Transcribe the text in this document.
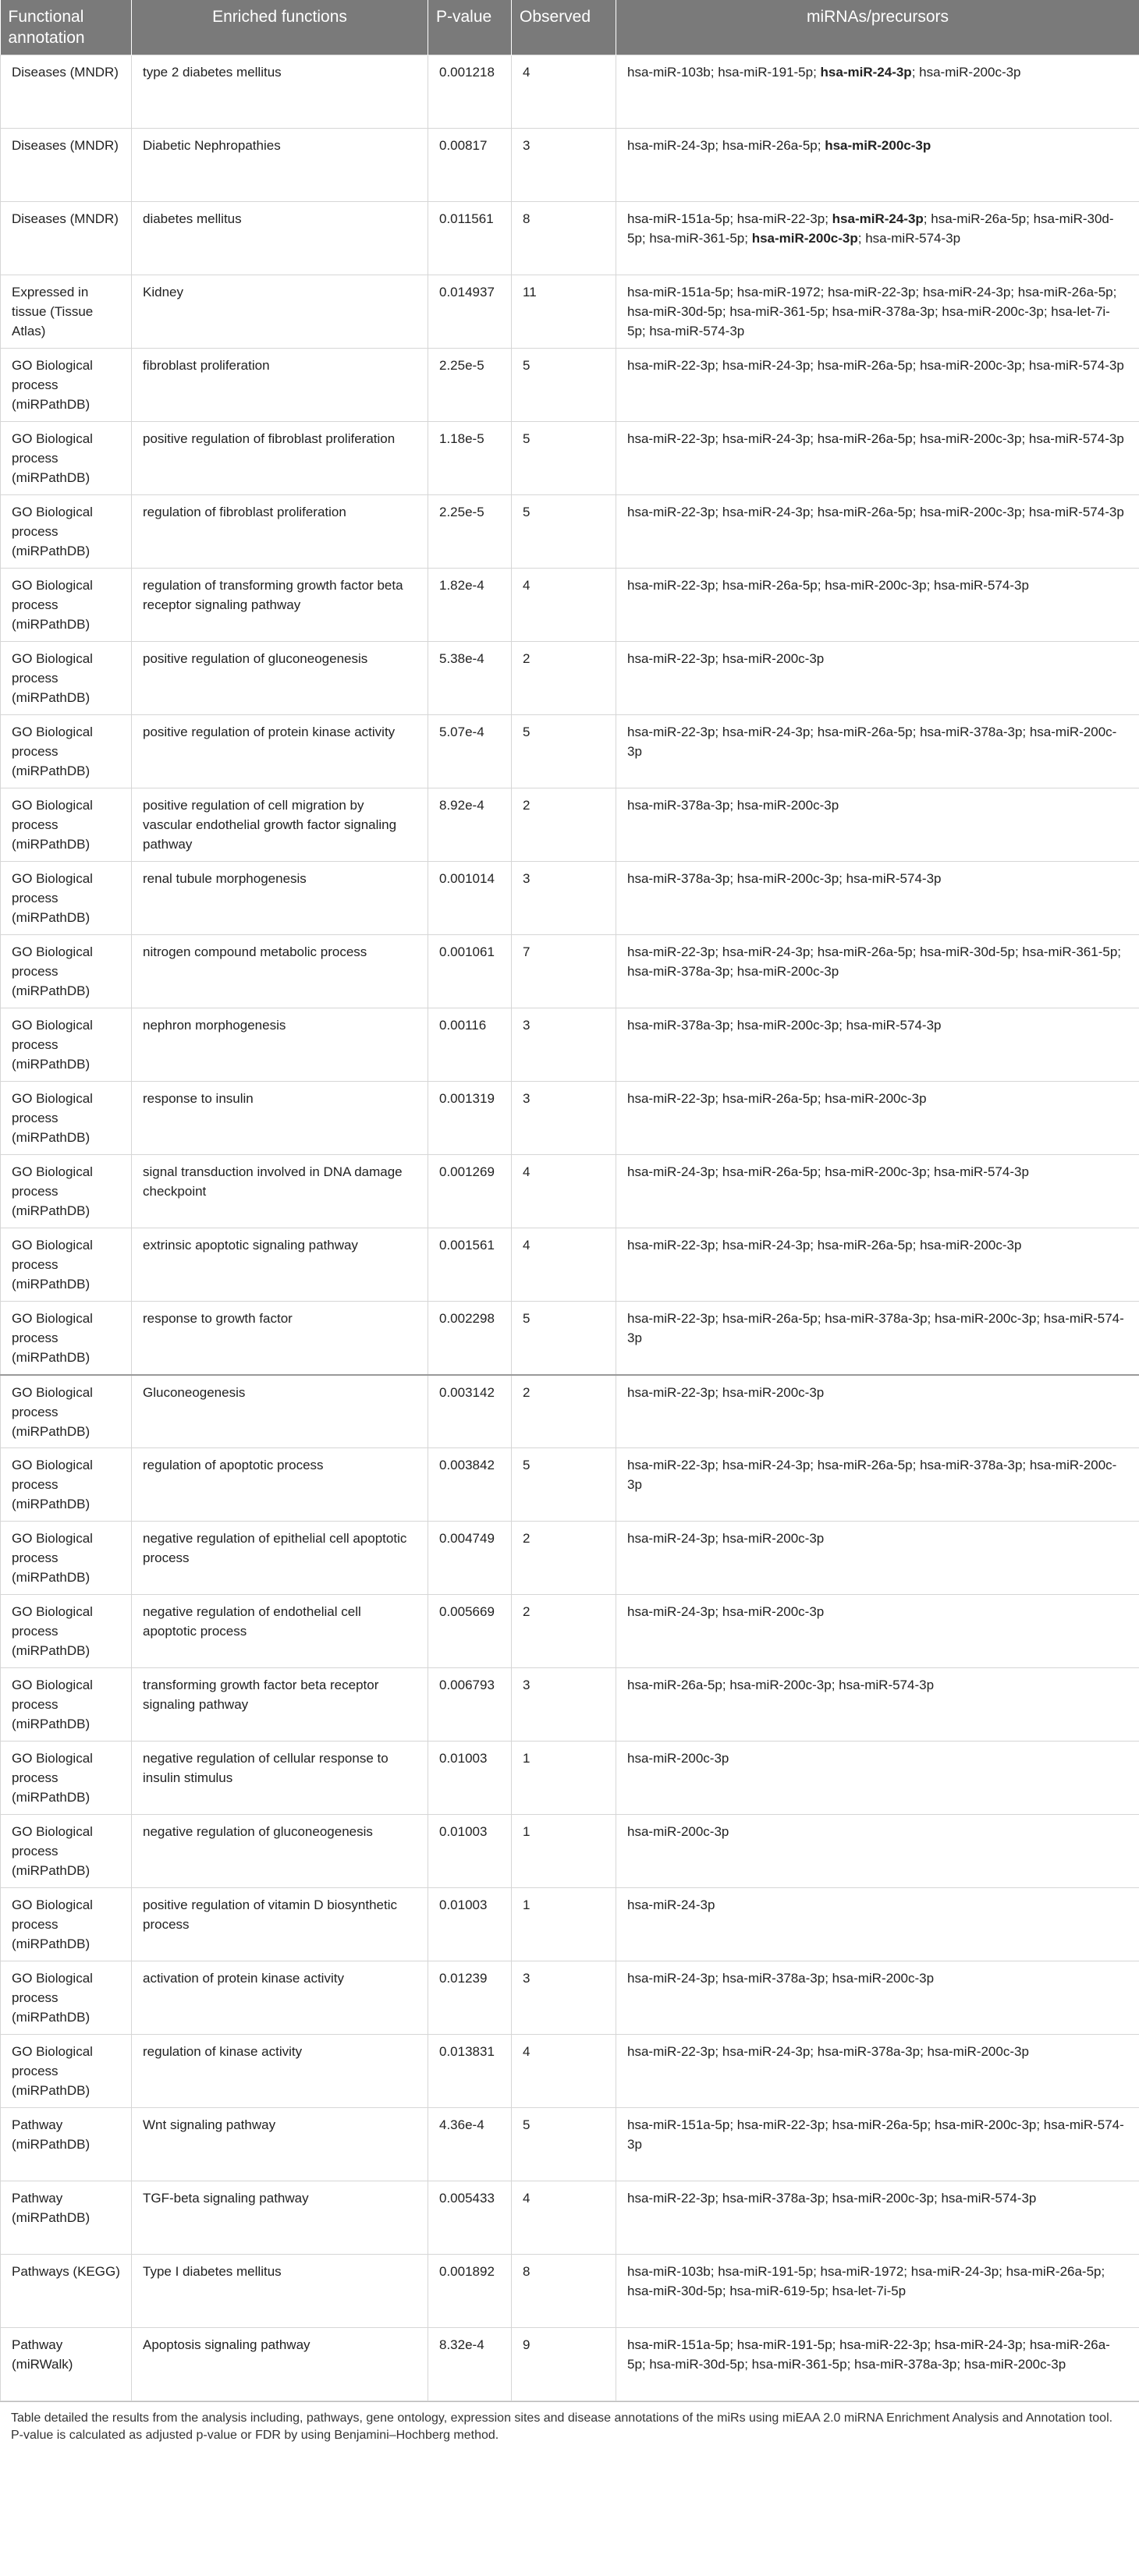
Functional annotation	Enriched functions	P-value	Observed	miRNAs/precursors
Diseases (MNDR)	type 2 diabetes mellitus	0.001218	4	hsa-miR-103b; hsa-miR-191-5p; hsa-miR-24-3p; hsa-miR-200c-3p
Diseases (MNDR)	Diabetic Nephropathies	0.00817	3	hsa-miR-24-3p; hsa-miR-26a-5p; hsa-miR-200c-3p
Diseases (MNDR)	diabetes mellitus	0.011561	8	hsa-miR-151a-5p; hsa-miR-22-3p; hsa-miR-24-3p; hsa-miR-26a-5p; hsa-miR-30d-5p; hsa-miR-361-5p; hsa-miR-200c-3p; hsa-miR-574-3p
Expressed in tissue (Tissue Atlas)	Kidney	0.014937	11	hsa-miR-151a-5p; hsa-miR-1972; hsa-miR-22-3p; hsa-miR-24-3p; hsa-miR-26a-5p; hsa-miR-30d-5p; hsa-miR-361-5p; hsa-miR-378a-3p; hsa-miR-200c-3p; hsa-let-7i-5p; hsa-miR-574-3p
GO Biological process (miRPathDB)	fibroblast proliferation	2.25e-5	5	hsa-miR-22-3p; hsa-miR-24-3p; hsa-miR-26a-5p; hsa-miR-200c-3p; hsa-miR-574-3p
GO Biological process (miRPathDB)	positive regulation of fibroblast proliferation	1.18e-5	5	hsa-miR-22-3p; hsa-miR-24-3p; hsa-miR-26a-5p; hsa-miR-200c-3p; hsa-miR-574-3p
GO Biological process (miRPathDB)	regulation of fibroblast proliferation	2.25e-5	5	hsa-miR-22-3p; hsa-miR-24-3p; hsa-miR-26a-5p; hsa-miR-200c-3p; hsa-miR-574-3p
GO Biological process (miRPathDB)	regulation of transforming growth factor beta receptor signaling pathway	1.82e-4	4	hsa-miR-22-3p; hsa-miR-26a-5p; hsa-miR-200c-3p; hsa-miR-574-3p
GO Biological process (miRPathDB)	positive regulation of gluconeogenesis	5.38e-4	2	hsa-miR-22-3p; hsa-miR-200c-3p
GO Biological process (miRPathDB)	positive regulation of protein kinase activity	5.07e-4	5	hsa-miR-22-3p; hsa-miR-24-3p; hsa-miR-26a-5p; hsa-miR-378a-3p; hsa-miR-200c-3p
GO Biological process (miRPathDB)	positive regulation of cell migration by vascular endothelial growth factor signaling pathway	8.92e-4	2	hsa-miR-378a-3p; hsa-miR-200c-3p
GO Biological process (miRPathDB)	renal tubule morphogenesis	0.001014	3	hsa-miR-378a-3p; hsa-miR-200c-3p; hsa-miR-574-3p
GO Biological process (miRPathDB)	nitrogen compound metabolic process	0.001061	7	hsa-miR-22-3p; hsa-miR-24-3p; hsa-miR-26a-5p; hsa-miR-30d-5p; hsa-miR-361-5p; hsa-miR-378a-3p; hsa-miR-200c-3p
GO Biological process (miRPathDB)	nephron morphogenesis	0.00116	3	hsa-miR-378a-3p; hsa-miR-200c-3p; hsa-miR-574-3p
GO Biological process (miRPathDB)	response to insulin	0.001319	3	hsa-miR-22-3p; hsa-miR-26a-5p; hsa-miR-200c-3p
GO Biological process (miRPathDB)	signal transduction involved in DNA damage checkpoint	0.001269	4	hsa-miR-24-3p; hsa-miR-26a-5p; hsa-miR-200c-3p; hsa-miR-574-3p
GO Biological process (miRPathDB)	extrinsic apoptotic signaling pathway	0.001561	4	hsa-miR-22-3p; hsa-miR-24-3p; hsa-miR-26a-5p; hsa-miR-200c-3p
GO Biological process (miRPathDB)	response to growth factor	0.002298	5	hsa-miR-22-3p; hsa-miR-26a-5p; hsa-miR-378a-3p; hsa-miR-200c-3p; hsa-miR-574-3p
GO Biological process (miRPathDB)	Gluconeogenesis	0.003142	2	hsa-miR-22-3p; hsa-miR-200c-3p
GO Biological process (miRPathDB)	regulation of apoptotic process	0.003842	5	hsa-miR-22-3p; hsa-miR-24-3p; hsa-miR-26a-5p; hsa-miR-378a-3p; hsa-miR-200c-3p
GO Biological process (miRPathDB)	negative regulation of epithelial cell apoptotic process	0.004749	2	hsa-miR-24-3p; hsa-miR-200c-3p
GO Biological process (miRPathDB)	negative regulation of endothelial cell apoptotic process	0.005669	2	hsa-miR-24-3p; hsa-miR-200c-3p
GO Biological process (miRPathDB)	transforming growth factor beta receptor signaling pathway	0.006793	3	hsa-miR-26a-5p; hsa-miR-200c-3p; hsa-miR-574-3p
GO Biological process (miRPathDB)	negative regulation of cellular response to insulin stimulus	0.01003	1	hsa-miR-200c-3p
GO Biological process (miRPathDB)	negative regulation of gluconeogenesis	0.01003	1	hsa-miR-200c-3p
GO Biological process (miRPathDB)	positive regulation of vitamin D biosynthetic process	0.01003	1	hsa-miR-24-3p
GO Biological process (miRPathDB)	activation of protein kinase activity	0.01239	3	hsa-miR-24-3p; hsa-miR-378a-3p; hsa-miR-200c-3p
GO Biological process (miRPathDB)	regulation of kinase activity	0.013831	4	hsa-miR-22-3p; hsa-miR-24-3p; hsa-miR-378a-3p; hsa-miR-200c-3p
Pathway (miRPathDB)	Wnt signaling pathway	4.36e-4	5	hsa-miR-151a-5p; hsa-miR-22-3p; hsa-miR-26a-5p; hsa-miR-200c-3p; hsa-miR-574-3p
Pathway (miRPathDB)	TGF-beta signaling pathway	0.005433	4	hsa-miR-22-3p; hsa-miR-378a-3p; hsa-miR-200c-3p; hsa-miR-574-3p
Pathways (KEGG)	Type I diabetes mellitus	0.001892	8	hsa-miR-103b; hsa-miR-191-5p; hsa-miR-1972; hsa-miR-24-3p; hsa-miR-26a-5p; hsa-miR-30d-5p; hsa-miR-619-5p; hsa-let-7i-5p
Pathway (miRWalk)	Apoptosis signaling pathway	8.32e-4	9	hsa-miR-151a-5p; hsa-miR-191-5p; hsa-miR-22-3p; hsa-miR-24-3p; hsa-miR-26a-5p; hsa-miR-30d-5p; hsa-miR-361-5p; hsa-miR-378a-3p; hsa-miR-200c-3p
Table detailed the results from the analysis including, pathways, gene ontology, expression sites and disease annotations of the miRs using miEAA 2.0 miRNA Enrichment Analysis and Annotation tool. P-value is calculated as adjusted p-value or FDR by using Benjamini–Hochberg method.
